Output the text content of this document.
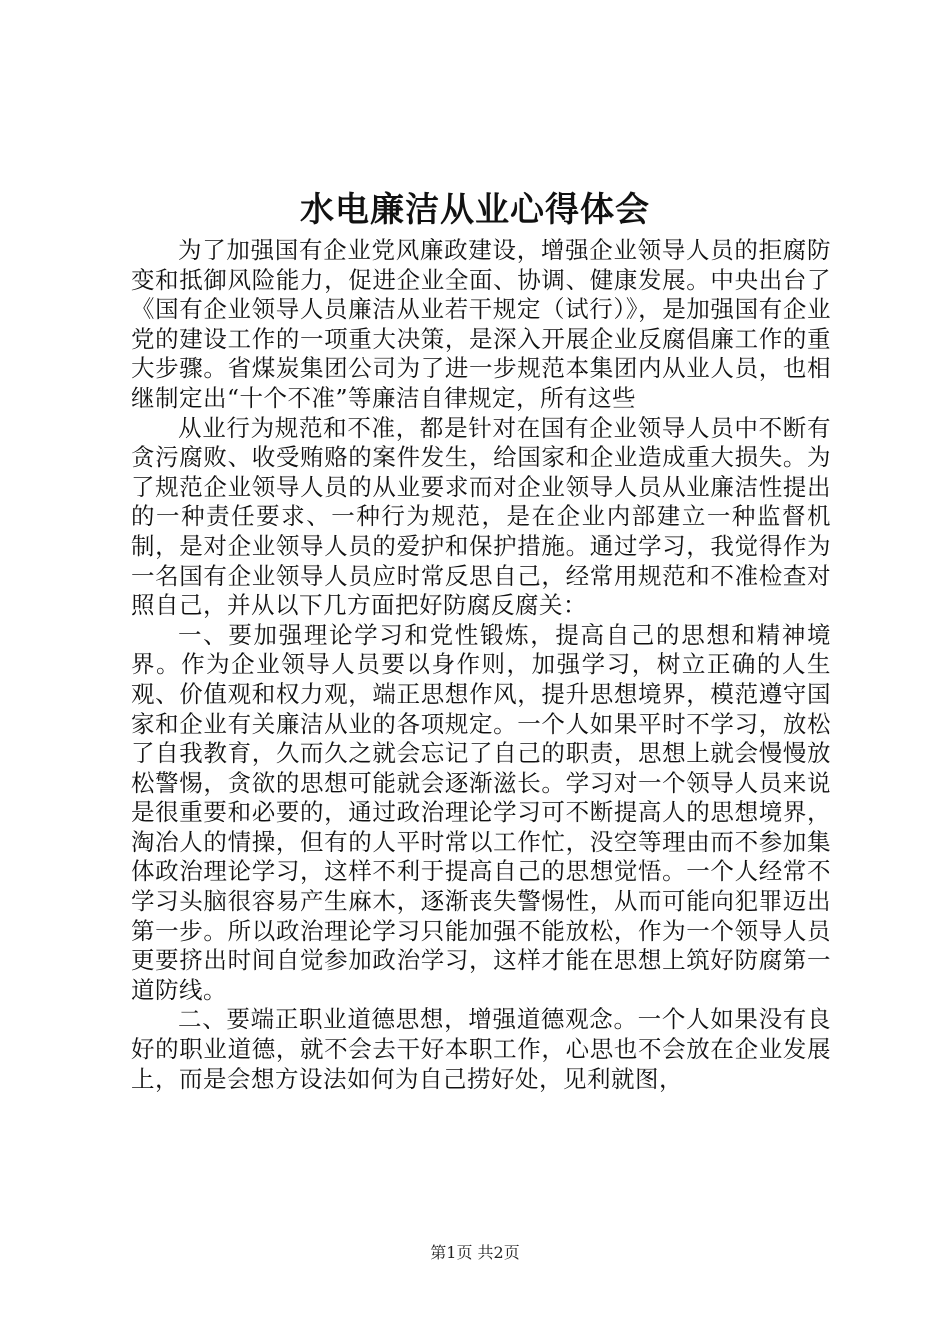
水电廉洁从业心得体会

为了加强国有企业党风廉政建设，增强企业领导人员的拒腐防变和抵御风险能力，促进企业全面、协调、健康发展。中央出台了《国有企业领导人员廉洁从业若干规定（试行）》，是加强国有企业党的建设工作的一项重大决策，是深入开展企业反腐倡廉工作的重大步骤。省煤炭集团公司为了进一步规范本集团内从业人员，也相继制定出“十个不准”等廉洁自律规定，所有这些

从业行为规范和不准，都是针对在国有企业领导人员中不断有贪污腐败、收受贿赂的案件发生，给国家和企业造成重大损失。为了规范企业领导人员的从业要求而对企业领导人员从业廉洁性提出的一种责任要求、一种行为规范，是在企业内部建立一种监督机制，是对企业领导人员的爱护和保护措施。通过学习，我觉得作为一名国有企业领导人员应时常反思自己，经常用规范和不准检查对照自己，并从以下几方面把好防腐反腐关：

一、要加强理论学习和党性锻炼，提高自己的思想和精神境界。作为企业领导人员要以身作则，加强学习，树立正确的人生观、价值观和权力观，端正思想作风，提升思想境界，模范遵守国家和企业有关廉洁从业的各项规定。一个人如果平时不学习，放松了自我教育，久而久之就会忘记了自己的职责，思想上就会慢慢放松警惕，贪欲的思想可能就会逐渐滋长。学习对一个领导人员来说是很重要和必要的，通过政治理论学习可不断提高人的思想境界，淘冶人的情操，但有的人平时常以工作忙，没空等理由而不参加集体政治理论学习，这样不利于提高自己的思想觉悟。一个人经常不学习头脑很容易产生麻木，逐渐丧失警惕性，从而可能向犯罪迈出第一步。所以政治理论学习只能加强不能放松，作为一个领导人员更要挤出时间自觉参加政治学习，这样才能在思想上筑好防腐第一道防线。

二、要端正职业道德思想，增强道德观念。一个人如果没有良好的职业道德，就不会去干好本职工作，心思也不会放在企业发展上，而是会想方设法如何为自己捞好处，见利就图，

第1页 共2页
